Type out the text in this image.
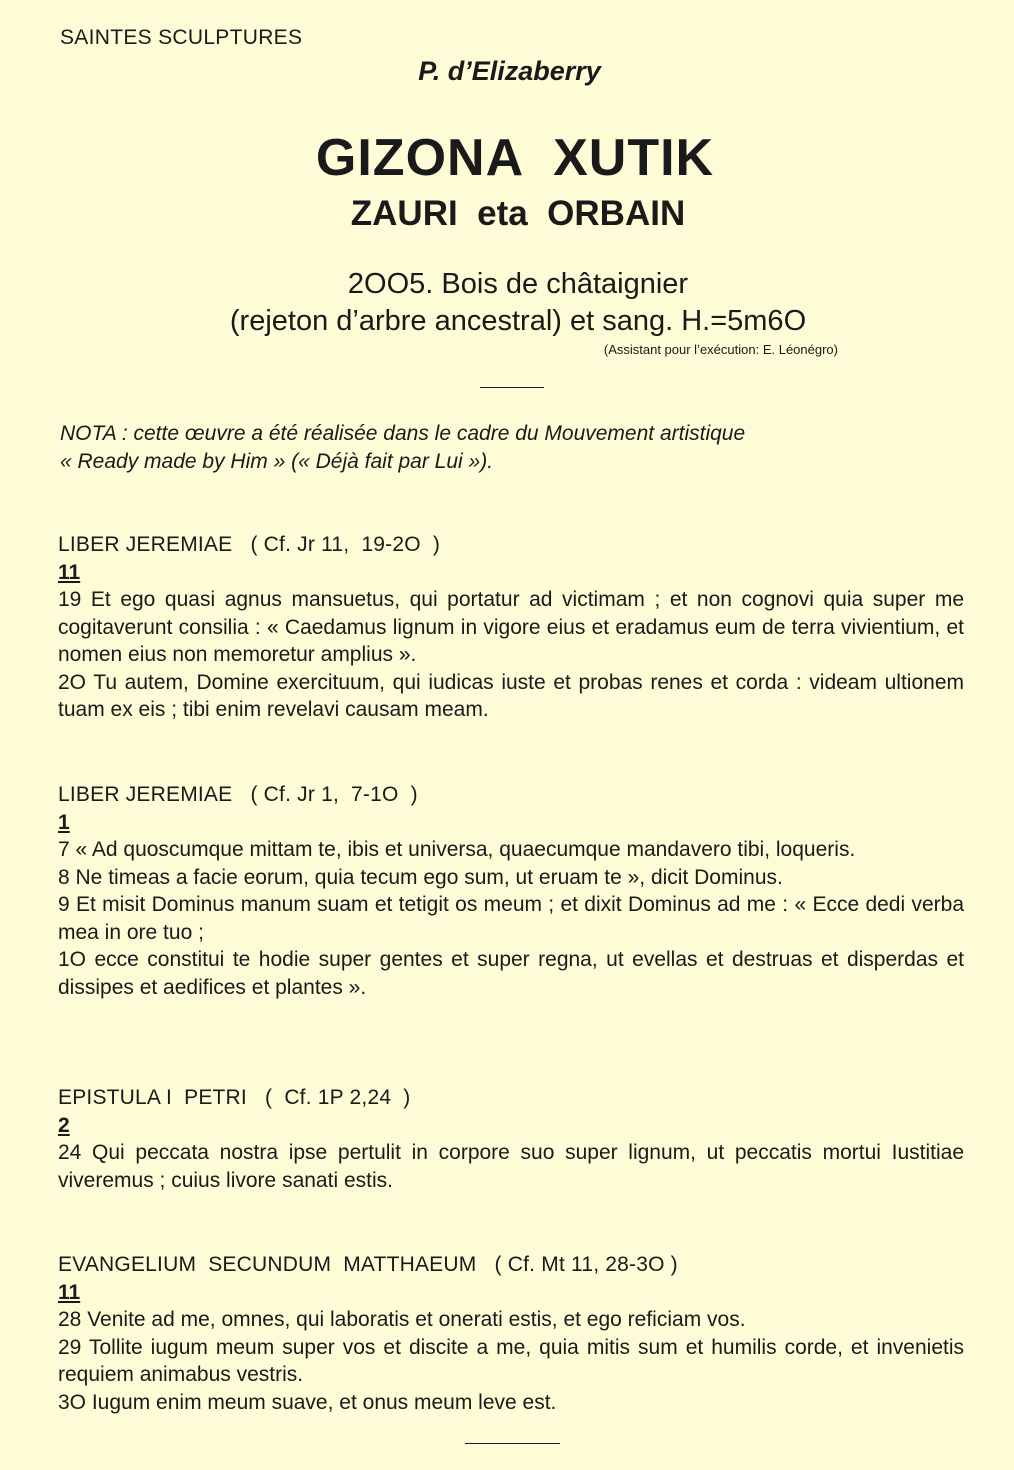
SAINTES SCULPTURES
P. d’Elizaberry
GIZONA  XUTIK
ZAURI  eta  ORBAIN
2OO5. Bois de châtaignier
(rejeton d’arbre ancestral) et sang. H.=5m6O
(Assistant pour l’exécution: E. Léonégro)
NOTA : cette œuvre a été réalisée dans le cadre du Mouvement artistique
« Ready made by Him » (« Déjà fait par Lui »).
LIBER JEREMIAE   ( Cf. Jr 11,  19-2O  )
11
19 Et ego quasi agnus mansuetus, qui portatur ad victimam ; et non cognovi quia super me cogitaverunt consilia : « Caedamus lignum in vigore eius et eradamus eum de terra vivientium, et nomen eius non memoretur amplius ».
2O Tu autem, Domine exercituum, qui iudicas iuste et probas renes et corda : videam ultionem tuam ex eis ; tibi enim revelavi causam meam.
LIBER JEREMIAE   ( Cf. Jr 1,  7-1O  )
1
7 « Ad quoscumque mittam te, ibis et universa, quaecumque mandavero tibi, loqueris.
8 Ne timeas a facie eorum, quia tecum ego sum, ut eruam te », dicit Dominus.
9 Et misit Dominus manum suam et tetigit os meum ; et dixit Dominus ad me : « Ecce dedi verba mea in ore tuo ;
1O ecce constitui te hodie super gentes et super regna, ut evellas et destruas et disperdas et dissipes et aedifices et plantes ».
EPISTULA I  PETRI   (  Cf. 1P 2,24  )
2
24 Qui peccata nostra ipse pertulit in corpore suo super lignum, ut peccatis mortui Iustitiae viveremus ; cuius livore sanati estis.
EVANGELIUM  SECUNDUM  MATTHAEUM   ( Cf. Mt 11, 28-3O )
11
28 Venite ad me, omnes, qui laboratis et onerati estis, et ego reficiam vos.
29 Tollite iugum meum super vos et discite a me, quia mitis sum et humilis corde, et invenietis requiem animabus vestris.
3O Iugum enim meum suave, et onus meum leve est.
